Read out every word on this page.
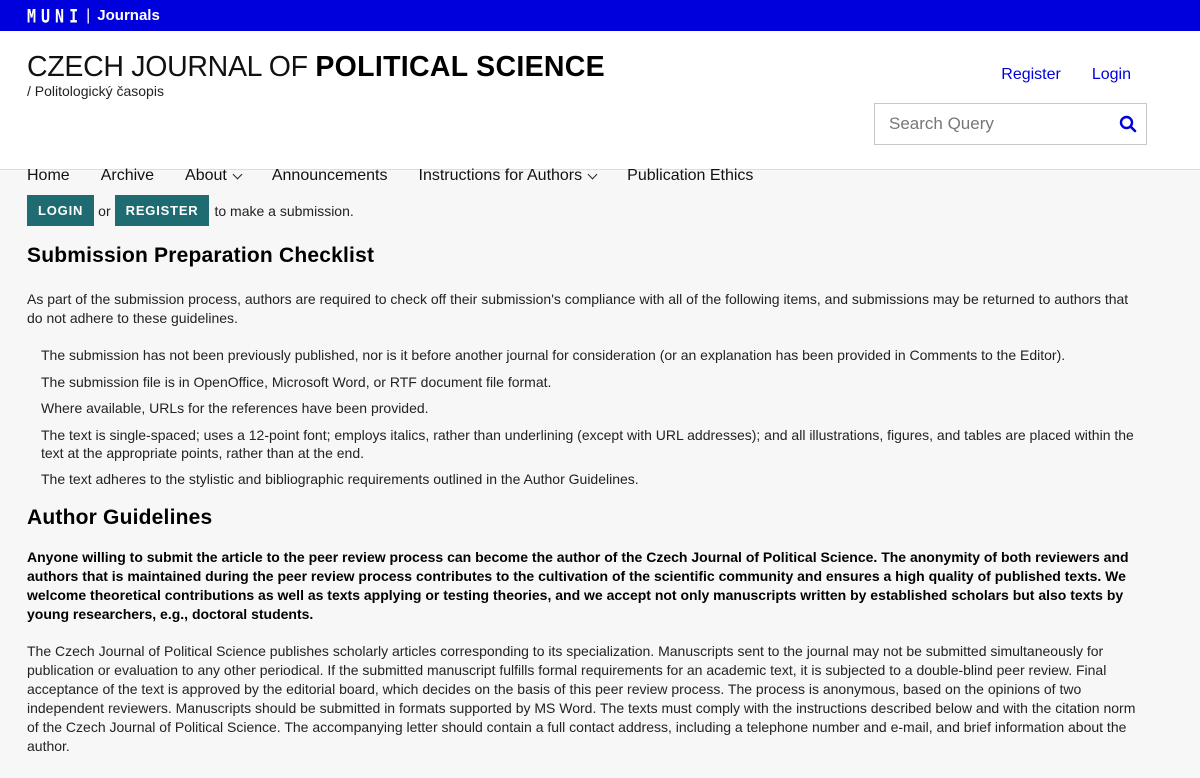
MUNI | Journals
CZECH JOURNAL OF POLITICAL SCIENCE
/ Politologický časopis
Register Login
Search Query
Home Archive About	Announcements Instructions for Authors	Publication Ethics
LOGIN	or	REGISTER	to make a submission.
Submission Preparation Checklist
As part of the submission process, authors are required to check off their submission's compliance with all of the following items, and submissions may be returned to authors that do not adhere to these guidelines.
The submission has not been previously published, nor is it before another journal for consideration (or an explanation has been provided in Comments to the Editor).
The submission file is in OpenOffice, Microsoft Word, or RTF document file format.
Where available, URLs for the references have been provided.
The text is single-spaced; uses a 12-point font; employs italics, rather than underlining (except with URL addresses); and all illustrations, figures, and tables are placed within the text at the appropriate points, rather than at the end.
The text adheres to the stylistic and bibliographic requirements outlined in the Author Guidelines.
Author Guidelines
Anyone willing to submit the article to the peer review process can become the author of the Czech Journal of Political Science. The anonymity of both reviewers and authors that is maintained during the peer review process contributes to the cultivation of the scientific community and ensures a high quality of published texts. We welcome theoretical contributions as well as texts applying or testing theories, and we accept not only manuscripts written by established scholars but also texts by young researchers, e.g., doctoral students.
The Czech Journal of Political Science publishes scholarly articles corresponding to its specialization. Manuscripts sent to the journal may not be submitted simultaneously for publication or evaluation to any other periodical. If the submitted manuscript fulfills formal requirements for an academic text, it is subjected to a double-blind peer review. Final acceptance of the text is approved by the editorial board, which decides on the basis of this peer review process. The process is anonymous, based on the opinions of two independent reviewers. Manuscripts should be submitted in formats supported by MS Word. The texts must comply with the instructions described below and with the citation norm of the Czech Journal of Political Science. The accompanying letter should contain a full contact address, including a telephone number and e-mail, and brief information about the author.
